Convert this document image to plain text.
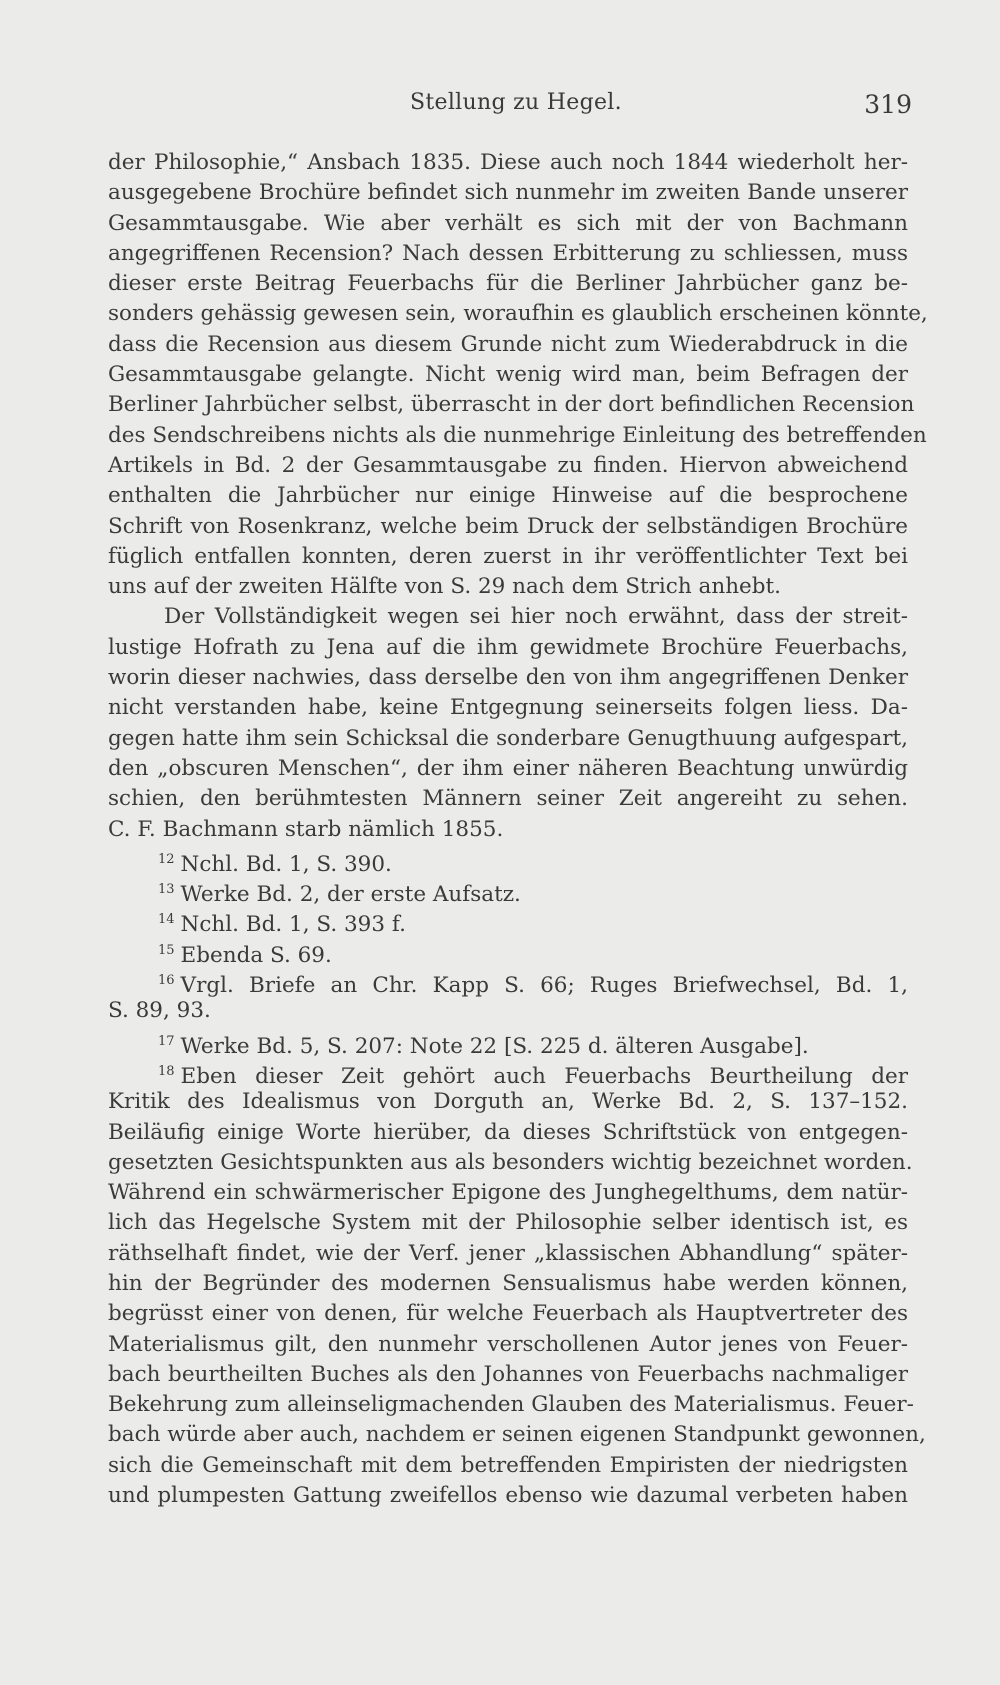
Stellung zu Hegel.	319
der Philosophie,“ Ansbach 1835. Diese auch noch 1844 wiederholt her-
ausgegebene Brochüre befindet sich nunmehr im zweiten Bande unserer
Gesammtausgabe. Wie aber verhält es sich mit der von Bachmann
angegriffenen Recension? Nach dessen Erbitterung zu schliessen, muss
dieser erste Beitrag Feuerbachs für die Berliner Jahrbücher ganz be-
sonders gehässig gewesen sein, woraufhin es glaublich erscheinen könnte,
dass die Recension aus diesem Grunde nicht zum Wiederabdruck in die
Gesammtausgabe gelangte. Nicht wenig wird man, beim Befragen der
Berliner Jahrbücher selbst, überrascht in der dort befindlichen Recension
des Sendschreibens nichts als die nunmehrige Einleitung des betreffenden
Artikels in Bd. 2 der Gesammtausgabe zu finden. Hiervon abweichend
enthalten die Jahrbücher nur einige Hinweise auf die besprochene
Schrift von Rosenkranz, welche beim Druck der selbständigen Brochüre
füglich entfallen konnten, deren zuerst in ihr veröffentlichter Text bei
uns auf der zweiten Hälfte von S. 29 nach dem Strich anhebt.
Der Vollständigkeit wegen sei hier noch erwähnt, dass der streit-
lustige Hofrath zu Jena auf die ihm gewidmete Brochüre Feuerbachs,
worin dieser nachwies, dass derselbe den von ihm angegriffenen Denker
nicht verstanden habe, keine Entgegnung seinerseits folgen liess. Da-
gegen hatte ihm sein Schicksal die sonderbare Genugthuung aufgespart,
den „obscuren Menschen“, der ihm einer näheren Beachtung unwürdig
schien, den berühmtesten Männern seiner Zeit angereiht zu sehen.
C. F. Bachmann starb nämlich 1855.
$^{12}$ Nchl. Bd. 1, S. 390.
$^{13}$ Werke Bd. 2, der erste Aufsatz.
$^{14}$ Nchl. Bd. 1, S. 393 f.
$^{15}$ Ebenda S. 69.
$^{16}$ Vrgl. Briefe an Chr. Kapp S. 66; Ruges Briefwechsel, Bd. 1,
S. 89, 93.
$^{17}$ Werke Bd. 5, S. 207: Note 22 [S. 225 d. älteren Ausgabe].
$^{18}$ Eben dieser Zeit gehört auch Feuerbachs Beurtheilung der
Kritik des Idealismus von Dorguth an, Werke Bd. 2, S. 137–152.
Beiläufig einige Worte hierüber, da dieses Schriftstück von entgegen-
gesetzten Gesichtspunkten aus als besonders wichtig bezeichnet worden.
Während ein schwärmerischer Epigone des Junghegelthums, dem natür-
lich das Hegelsche System mit der Philosophie selber identisch ist, es
räthselhaft findet, wie der Verf. jener „klassischen Abhandlung“ später-
hin der Begründer des modernen Sensualismus habe werden können,
begrüsst einer von denen, für welche Feuerbach als Hauptvertreter des
Materialismus gilt, den nunmehr verschollenen Autor jenes von Feuer-
bach beurtheilten Buches als den Johannes von Feuerbachs nachmaliger
Bekehrung zum alleinseligmachenden Glauben des Materialismus. Feuer-
bach würde aber auch, nachdem er seinen eigenen Standpunkt gewonnen,
sich die Gemeinschaft mit dem betreffenden Empiristen der niedrigsten
und plumpesten Gattung zweifellos ebenso wie dazumal verbeten haben
